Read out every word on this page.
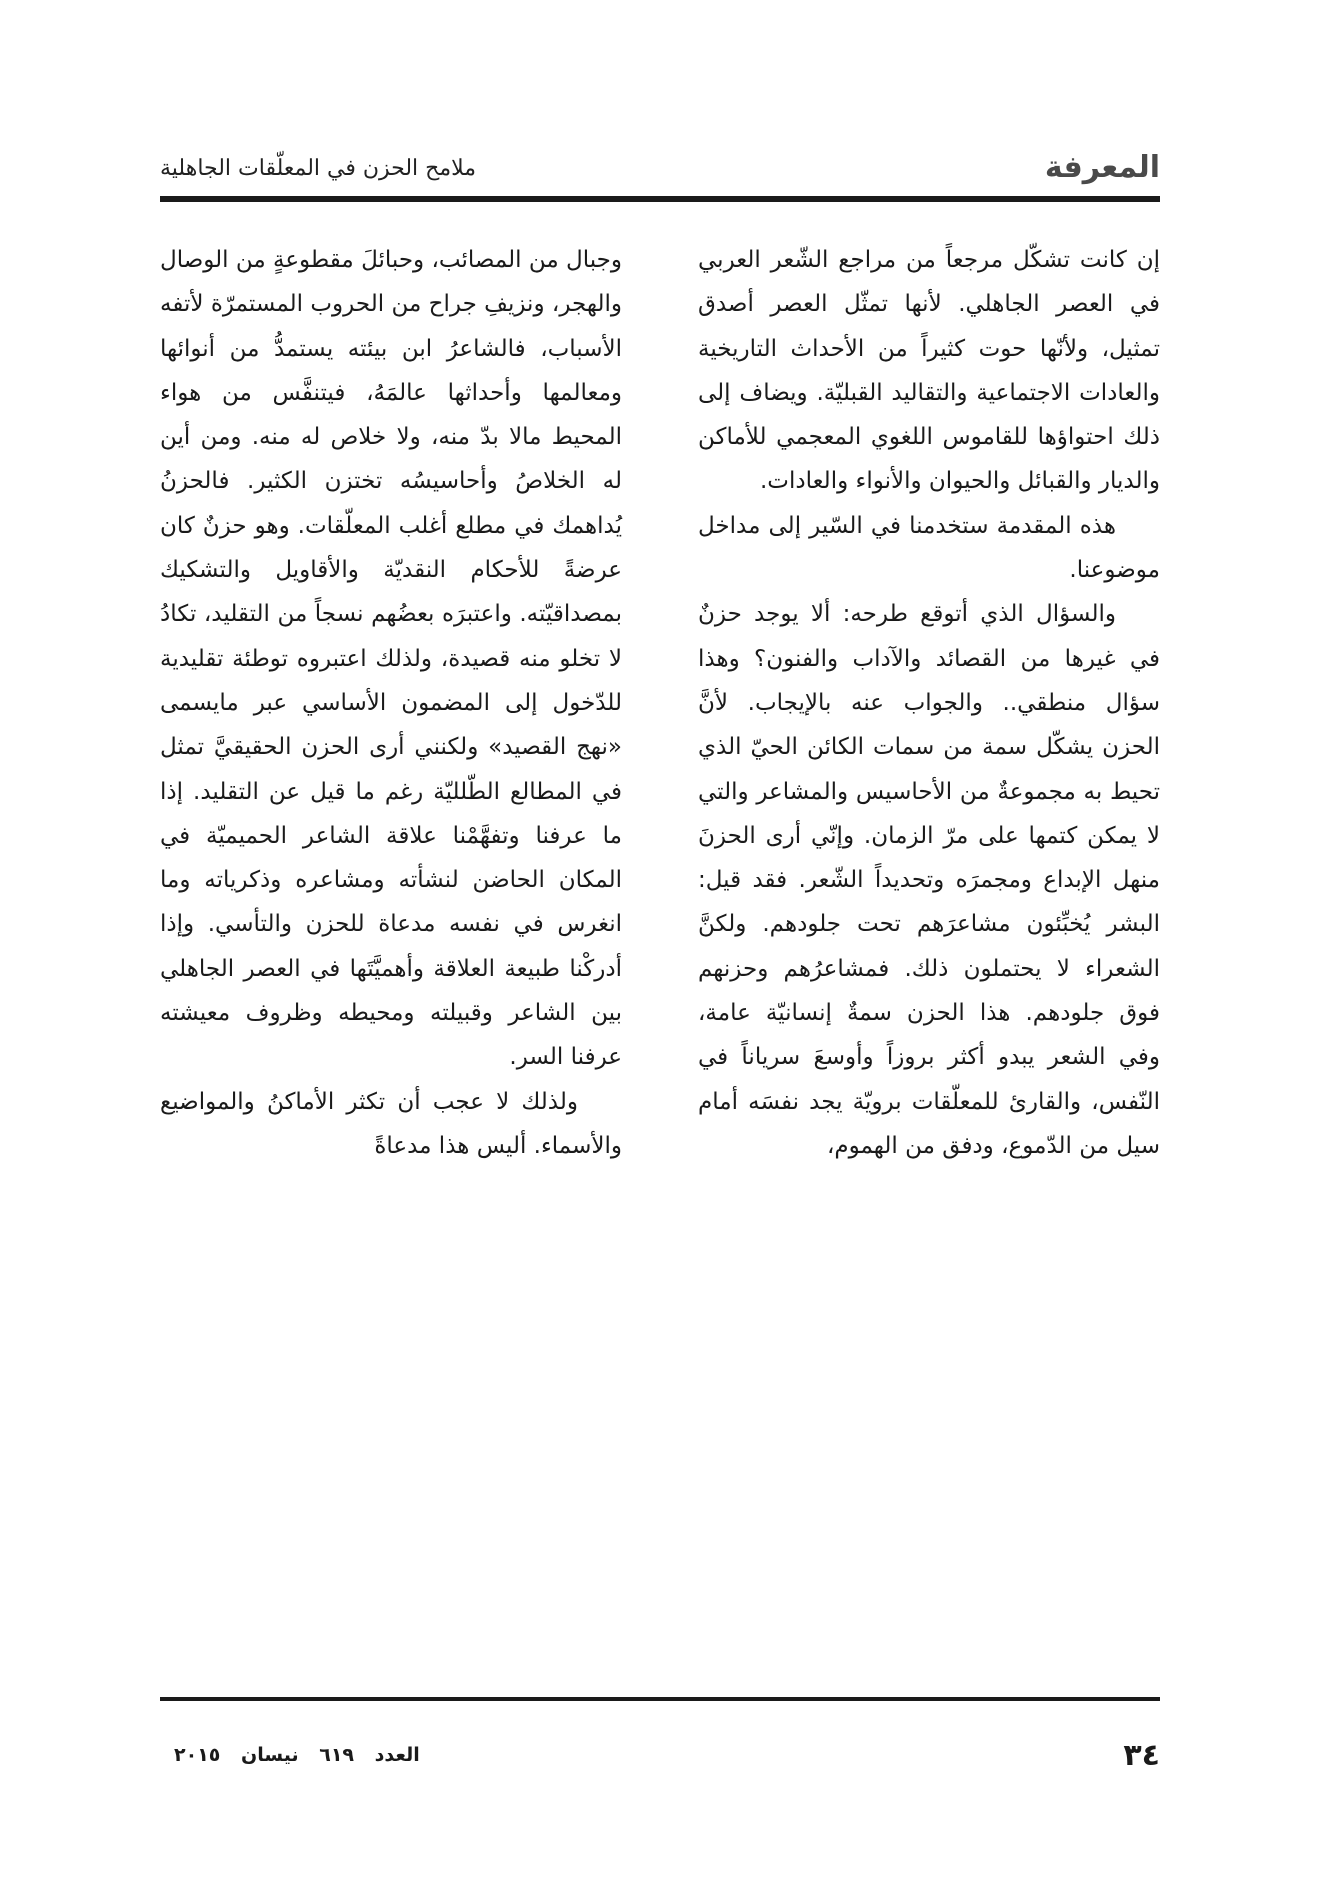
المعرفة
ملامح الحزن في المعلّقات الجاهلية

إن كانت تشكّل مرجعاً من مراجع الشّعر العربي في العصر الجاهلي. لأنها تمثّل العصر أصدق تمثيل، ولأنّها حوت كثيراً من الأحداث التاريخية والعادات الاجتماعية والتقاليد القبليّة. ويضاف إلى ذلك احتواؤها للقاموس اللغوي المعجمي للأماكن والديار والقبائل والحيوان والأنواء والعادات.

هذه المقدمة ستخدمنا في السّير إلى مداخل موضوعنا.

والسؤال الذي أتوقع طرحه: ألا يوجد حزنٌ في غيرها من القصائد والآداب والفنون؟ وهذا سؤال منطقي.. والجواب عنه بالإيجاب. لأنَّ الحزن يشكّل سمة من سمات الكائن الحيّ الذي تحيط به مجموعةٌ من الأحاسيس والمشاعر والتي لا يمكن كتمها على مرّ الزمان. وإنّي أرى الحزنَ منهل الإبداع ومجمرَه وتحديداً الشّعر. فقد قيل: البشر يُخبِّئون مشاعرَهم تحت جلودهم. ولكنَّ الشعراء لا يحتملون ذلك. فمشاعرُهم وحزنهم فوق جلودهم. هذا الحزن سمةٌ إنسانيّة عامة، وفي الشعر يبدو أكثر بروزاً وأوسعَ سرياناً في النّفس، والقارئ للمعلّقات برويّة يجد نفسَه أمام سيل من الدّموع، ودفق من الهموم،

وجبال من المصائب، وحبائلَ مقطوعةٍ من الوصال والهجر، ونزيفِ جراح من الحروب المستمرّة لأتفه الأسباب، فالشاعرُ ابن بيئته يستمدُّ من أنوائها ومعالمها وأحداثها عالمَهُ، فيتنفَّس من هواء المحيط مالا بدّ منه، ولا خلاص له منه. ومن أين له الخلاصُ وأحاسيسُه تختزن الكثير. فالحزنُ يُداهمك في مطلع أغلب المعلّقات. وهو حزنٌ كان عرضةً للأحكام النقديّة والأقاويل والتشكيك بمصداقيّته. واعتبرَه بعضُهم نسجاً من التقليد، تكادُ لا تخلو منه قصيدة، ولذلك اعتبروه توطئة تقليدية للدّخول إلى المضمون الأساسي عبر مايسمى «نهج القصيد» ولكنني أرى الحزن الحقيقيَّ تمثل في المطالع الطّلليّة رغم ما قيل عن التقليد. إذا ما عرفنا وتفهَّمْنا علاقة الشاعر الحميميّة في المكان الحاضن لنشأته ومشاعره وذكرياته وما انغرس في نفسه مدعاة للحزن والتأسي. وإذا أدركْنا طبيعة العلاقة وأهميَّتَها في العصر الجاهلي بين الشاعر وقبيلته ومحيطه وظروف معيشته عرفنا السر.

ولذلك لا عجب أن تكثر الأماكنُ والمواضيع والأسماء. أليس هذا مدعاةً

٣٤
العدد ٦١٩ نيسان ٢٠١٥
